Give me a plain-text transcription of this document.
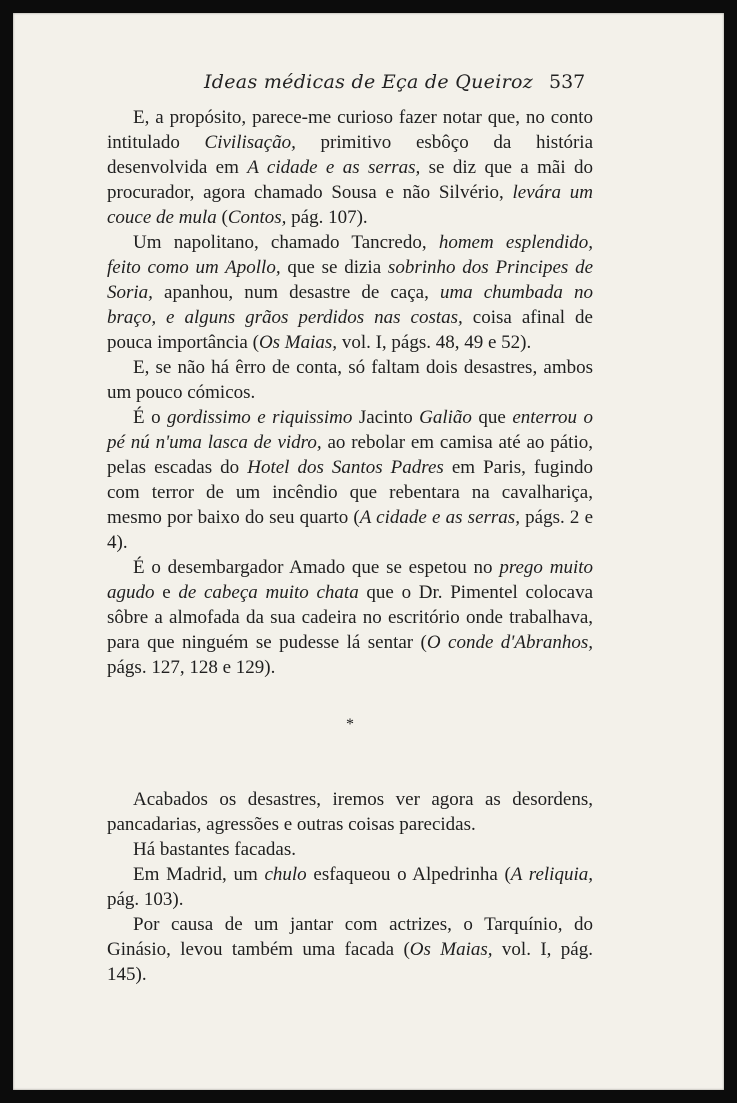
Ideas médicas de Eça de Queiroz 537

E, a propósito, parece-me curioso fazer notar que, no conto intitulado Civilisação, primitivo esbôço da história desenvolvida em A cidade e as serras, se diz que a mãi do procurador, agora chamado Sousa e não Silvério, levára um couce de mula (Contos, pág. 107).

Um napolitano, chamado Tancredo, homem esplendido, feito como um Apollo, que se dizia sobrinho dos Principes de Soria, apanhou, num desastre de caça, uma chumbada no braço, e alguns grãos perdidos nas costas, coisa afinal de pouca importância (Os Maias, vol. I, págs. 48, 49 e 52).

E, se não há êrro de conta, só faltam dois desastres, ambos um pouco cómicos.

É o gordissimo e riquissimo Jacinto Galião que enterrou o pé nú n'uma lasca de vidro, ao rebolar em camisa até ao pátio, pelas escadas do Hotel dos Santos Padres em Paris, fugindo com terror de um incêndio que rebentara na cavalhariça, mesmo por baixo do seu quarto (A cidade e as serras, págs. 2 e 4).

É o desembargador Amado que se espetou no prego muito agudo e de cabeça muito chata que o Dr. Pimentel colocava sôbre a almofada da sua cadeira no escritório onde trabalhava, para que ninguém se pudesse lá sentar (O conde d'Abranhos, págs. 127, 128 e 129).

*

Acabados os desastres, iremos ver agora as desordens, pancadarias, agressões e outras coisas parecidas.

Há bastantes facadas.

Em Madrid, um chulo esfaqueou o Alpedrinha (A reliquia, pág. 103).

Por causa de um jantar com actrizes, o Tarquínio, do Ginásio, levou também uma facada (Os Maias, vol. I, pág. 145).
